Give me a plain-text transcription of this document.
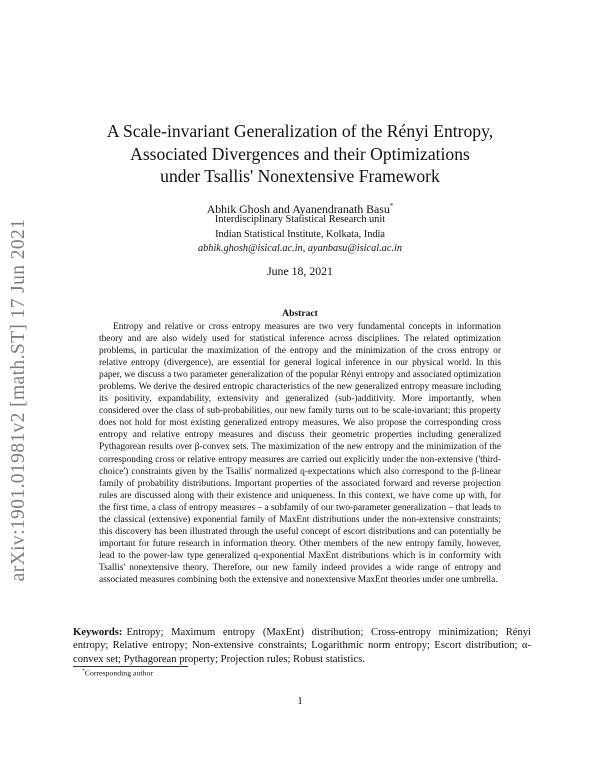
arXiv:1901.01981v2 [math.ST] 17 Jun 2021
A Scale-invariant Generalization of the Rényi Entropy,
Associated Divergences and their Optimizations
under Tsallis' Nonextensive Framework
Abhik Ghosh and Ayanendranath Basu*
Interdisciplinary Statistical Research unit
Indian Statistical Institute, Kolkata, India
abhik.ghosh@isical.ac.in, ayanbasu@isical.ac.in
June 18, 2021
Abstract
Entropy and relative or cross entropy measures are two very fundamental concepts in information theory and are also widely used for statistical inference across disciplines. The related optimization problems, in particular the maximization of the entropy and the minimization of the cross entropy or relative entropy (divergence), are essential for general logical inference in our physical world. In this paper, we discuss a two parameter generalization of the popular Rényi entropy and associated optimization problems. We derive the desired entropic characteristics of the new generalized entropy measure including its positivity, expandability, extensivity and generalized (sub-)additivity. More importantly, when considered over the class of sub-probabilities, our new family turns out to be scale-invariant; this property does not hold for most existing generalized entropy measures. We also propose the corresponding cross entropy and relative entropy measures and discuss their geometric properties including generalized Pythagorean results over β-convex sets. The maximization of the new entropy and the minimization of the corresponding cross or relative entropy measures are carried out explicitly under the non-extensive ('third-choice') constraints given by the Tsallis' normalized q-expectations which also correspond to the β-linear family of probability distributions. Important properties of the associated forward and reverse projection rules are discussed along with their existence and uniqueness. In this context, we have come up with, for the first time, a class of entropy measures – a subfamily of our two-parameter generalization – that leads to the classical (extensive) exponential family of MaxEnt distributions under the non-extensive constraints; this discovery has been illustrated through the useful concept of escort distributions and can potentially be important for future research in information theory. Other members of the new entropy family, however, lead to the power-law type generalized q-exponential MaxEnt distributions which is in conformity with Tsallis' nonextensive theory. Therefore, our new family indeed provides a wide range of entropy and associated measures combining both the extensive and nonextensive MaxEnt theories under one umbrella.
Keywords: Entropy; Maximum entropy (MaxEnt) distribution; Cross-entropy minimization; Rényi entropy; Relative entropy; Non-extensive constraints; Logarithmic norm entropy; Escort distribution; α-convex set; Pythagorean property; Projection rules; Robust statistics.
*Corresponding author
1
